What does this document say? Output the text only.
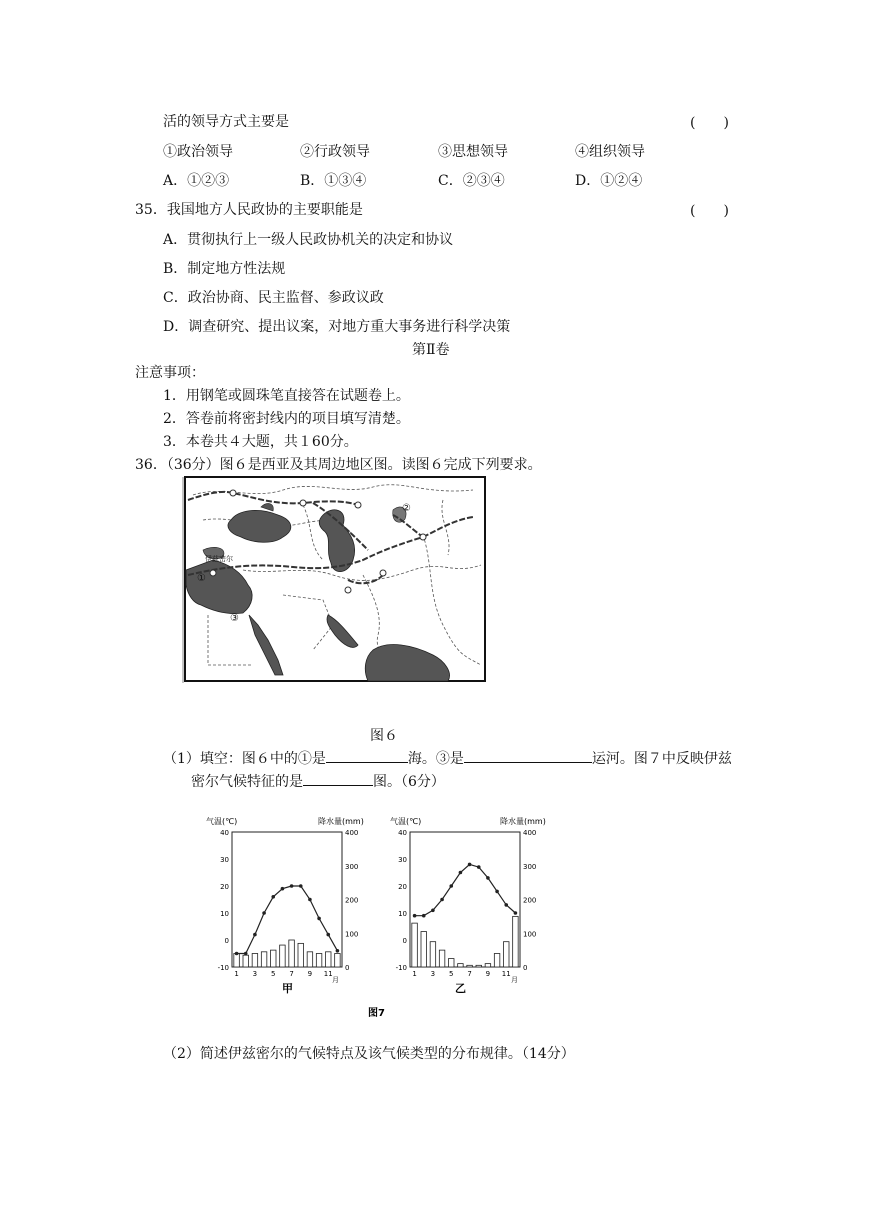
活的领导方式主要是	(　　)
①政治领导	②行政领导	③思想领导	④组织领导
A．①②③	B．①③④	C．②③④	D．①②④
35．我国地方人民政协的主要职能是	(　　)
A．贯彻执行上一级人民政协机关的决定和协议
B．制定地方性法规
C．政治协商、民主监督、参政议政
D．调查研究、提出议案，对地方重大事务进行科学决策
第Ⅱ卷
注意事项：
1．用钢笔或圆珠笔直接答在试题卷上。
2．答卷前将密封线内的项目填写清楚。
3．本卷共４大题，共１60分。
36．（36分）图６是西亚及其周边地区图。读图６完成下列要求。
伊兹密尔
①
②
③
图６
（1）填空：图６中的①是	海。③是	运河。图７中反映伊兹
密尔气候特征的是	图。（6分）
气温(℃)	降水量(mm)
40
30
20
10
0
-10
400
300
200
100
0
1 3 5 7 9 11
月
甲
气温(℃)	降水量(mm)
40
30
20
10
0
-10
400
300
200
100
0
1 3 5 7 9 11
月
乙
图7
（2）简述伊兹密尔的气候特点及该气候类型的分布规律。（14分）
